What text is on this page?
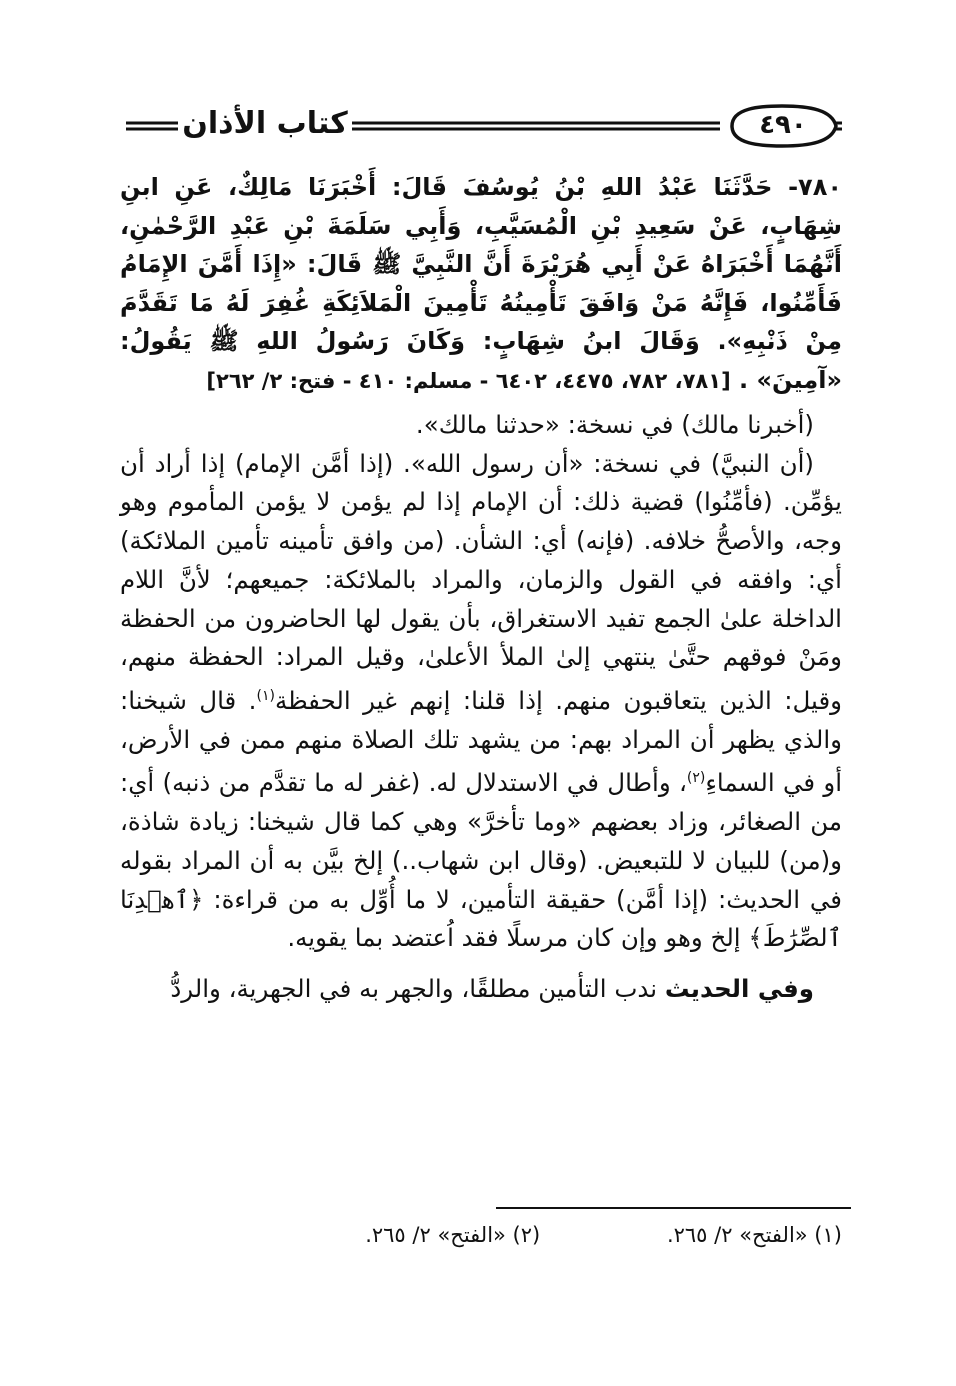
كتاب الأذان	٤٩٠
٧٨٠- حَدَّثَنَا عَبْدُ اللهِ بْنُ يُوسُفَ قَالَ: أَخْبَرَنَا مَالِكٌ، عَنِ ابنِ شِهَابٍ، عَنْ سَعِيدِ بْنِ الْمُسَيَّبِ، وَأَبِي سَلَمَةَ بْنِ عَبْدِ الرَّحْمٰنِ، أَنَّهُمَا أَخْبَرَاهُ عَنْ أَبِي هُرَيْرَةَ أَنَّ النَّبِيَّ ﷺ قَالَ: «إِذَا أَمَّنَ الإِمَامُ فَأَمِّنُوا، فَإِنَّهُ مَنْ وَافَقَ تَأْمِينُهُ تَأْمِينَ الْمَلاَئِكَةِ غُفِرَ لَهُ مَا تَقَدَّمَ مِنْ ذَنْبِهِ». وَقَالَ ابنُ شِهَابٍ: وَكَانَ رَسُولُ اللهِ ﷺ يَقُولُ: «آمِينَ» . [٧٨١، ٧٨٢، ٤٤٧٥، ٦٤٠٢ - مسلم: ٤١٠ - فتح: ٢/ ٢٦٢]

(أخبرنا مالك) في نسخة: «حدثنا مالك».

(أن النبيَّ) في نسخة: «أن رسول الله». (إذا أمَّن الإمام) إذا أراد أن يؤمِّن. (فأمِّنُوا) قضية ذلك: أن الإمام إذا لم يؤمن لا يؤمن المأموم وهو وجه، والأصحُّ خلافه. (فإنه) أي: الشأن. (من وافق تأمينه تأمين الملائكة) أي: وافقه في القول والزمان، والمراد بالملائكة: جميعهم؛ لأنَّ اللام الداخلة علىٰ الجمع تفيد الاستغراق، بأن يقول لها الحاضرون من الحفظة ومَنْ فوقهم حتَّىٰ ينتهي إلىٰ الملأ الأعلىٰ، وقيل المراد: الحفظة منهم، وقيل: الذين يتعاقبون منهم. إذا قلنا: إنهم غير الحفظة$^{(١)}$. قال شيخنا: والذي يظهر أن المراد بهم: من يشهد تلك الصلاة منهم ممن في الأرض، أو في السماءِ$^{(٢)}$، وأطال في الاستدلال له. (غفر له ما تقدَّم من ذنبه) أي: من الصغائر، وزاد بعضهم «وما تأخرَّ» وهي كما قال شيخنا: زيادة شاذة، و(من) للبيان لا للتبعيض. (وقال ابن شهاب..) إلخ بيَّن به أن المراد بقوله في الحديث: (إذا أمَّن) حقيقة التأمين، لا ما أُوِّل به من قراءة: ﴿ٱهۡدِنَا ٱلصِّرَٰطَ﴾ إلخ وهو وإن كان مرسلًا فقد اُعتضد بما يقويه.

وفي الحديث ندب التأمين مطلقًا، والجهر به في الجهرية، والردُّ

(١) «الفتح» ٢/ ٢٦٥. (٢) «الفتح» ٢/ ٢٦٥.
